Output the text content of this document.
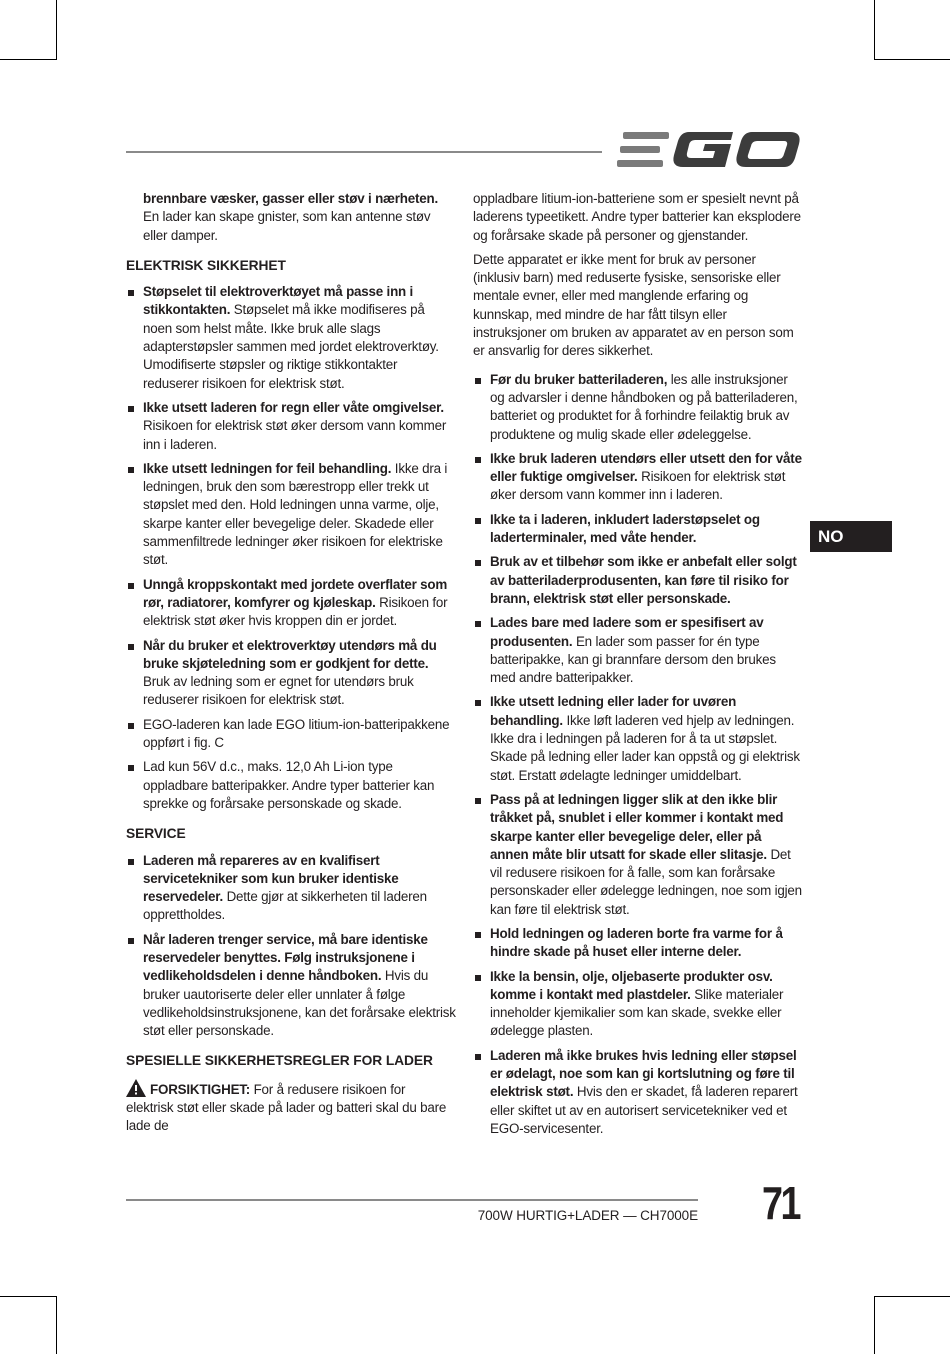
brennbare væsker, gasser eller støv i nærheten. En lader kan skape gnister, som kan antenne støv eller damper.

ELEKTRISK SIKKERHET

Støpselet til elektroverktøyet må passe inn i stikkontakten. Støpselet må ikke modifiseres på noen som helst måte. Ikke bruk alle slags adapterstøpsler sammen med jordet elektroverktøy. Umodifiserte støpsler og riktige stikkontakter reduserer risikoen for elektrisk støt.

Ikke utsett laderen for regn eller våte omgivelser. Risikoen for elektrisk støt øker dersom vann kommer inn i laderen.

Ikke utsett ledningen for feil behandling. Ikke dra i ledningen, bruk den som bærestropp eller trekk ut støpslet med den. Hold ledningen unna varme, olje, skarpe kanter eller bevegelige deler. Skadede eller sammenfiltrede ledninger øker risikoen for elektriske støt.

Unngå kroppskontakt med jordete overflater som rør, radiatorer, komfyrer og kjøleskap. Risikoen for elektrisk støt øker hvis kroppen din er jordet.

Når du bruker et elektroverktøy utendørs må du bruke skjøteledning som er godkjent for dette. Bruk av ledning som er egnet for utendørs bruk reduserer risikoen for elektrisk støt.

EGO-laderen kan lade EGO litium-ion-batteripakkene oppført i fig. C

Lad kun 56V d.c., maks. 12,0 Ah Li-ion type oppladbare batteripakker. Andre typer batterier kan sprekke og forårsake personskade og skade.

SERVICE

Laderen må repareres av en kvalifisert servicetekniker som kun bruker identiske reservedeler. Dette gjør at sikkerheten til laderen opprettholdes.

Når laderen trenger service, må bare identiske reservedeler benyttes. Følg instruksjonene i vedlikeholdsdelen i denne håndboken. Hvis du bruker uautoriserte deler eller unnlater å følge vedlikeholdsinstruksjonene, kan det forårsake elektrisk støt eller personskade.

SPESIELLE SIKKERHETSREGLER FOR LADER

FORSIKTIGHET: For å redusere risikoen for elektrisk støt eller skade på lader og batteri skal du bare lade de

oppladbare litium-ion-batteriene som er spesielt nevnt på laderens typeetikett. Andre typer batterier kan eksplodere og forårsake skade på personer og gjenstander.

Dette apparatet er ikke ment for bruk av personer (inklusiv barn) med reduserte fysiske, sensoriske eller mentale evner, eller med manglende erfaring og kunnskap, med mindre de har fått tilsyn eller instruksjoner om bruken av apparatet av en person som er ansvarlig for deres sikkerhet.

Før du bruker batteriladeren, les alle instruksjoner og advarsler i denne håndboken og på batteriladeren, batteriet og produktet for å forhindre feilaktig bruk av produktene og mulig skade eller ødeleggelse.

Ikke bruk laderen utendørs eller utsett den for våte eller fuktige omgivelser. Risikoen for elektrisk støt øker dersom vann kommer inn i laderen.

Ikke ta i laderen, inkludert laderstøpselet og laderterminaler, med våte hender.

Bruk av et tilbehør som ikke er anbefalt eller solgt av batteriladerprodusenten, kan føre til risiko for brann, elektrisk støt eller personskade.

Lades bare med ladere som er spesifisert av produsenten. En lader som passer for én type batteripakke, kan gi brannfare dersom den brukes med andre batteripakker.

Ikke utsett ledning eller lader for uvøren behandling. Ikke løft laderen ved hjelp av ledningen. Ikke dra i ledningen på laderen for å ta ut støpslet. Skade på ledning eller lader kan oppstå og gi elektrisk støt. Erstatt ødelagte ledninger umiddelbart.

Pass på at ledningen ligger slik at den ikke blir tråkket på, snublet i eller kommer i kontakt med skarpe kanter eller bevegelige deler, eller på annen måte blir utsatt for skade eller slitasje. Det vil redusere risikoen for å falle, som kan forårsake personskader eller ødelegge ledningen, noe som igjen kan føre til elektrisk støt.

Hold ledningen og laderen borte fra varme for å hindre skade på huset eller interne deler.

Ikke la bensin, olje, oljebaserte produkter osv. komme i kontakt med plastdeler. Slike materialer inneholder kjemikalier som kan skade, svekke eller ødelegge plasten.

Laderen må ikke brukes hvis ledning eller støpsel er ødelagt, noe som kan gi kortslutning og føre til elektrisk støt. Hvis den er skadet, få laderen reparert eller skiftet ut av en autorisert servicetekniker ved et EGO-servicesenter.

NO
700W HURTIG+LADER — CH7000E 71
